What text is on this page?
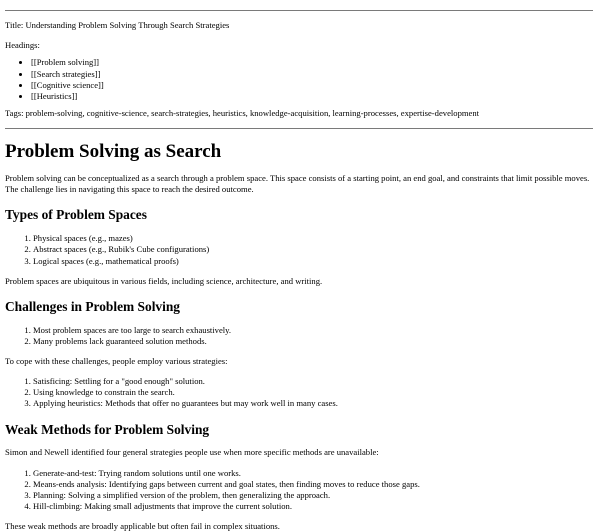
Title: Understanding Problem Solving Through Search Strategies

Headings:

• [[Problem solving]]
• [[Search strategies]]
• [[Cognitive science]]
• [[Heuristics]]

Tags: problem-solving, cognitive-science, search-strategies, heuristics, knowledge-acquisition, learning-processes, expertise-development

Problem Solving as Search

Problem solving can be conceptualized as a search through a problem space. This space consists of a starting point, an end goal, and constraints that limit possible moves. The challenge lies in navigating this space to reach the desired outcome.

Types of Problem Spaces
1. Physical spaces (e.g., mazes)
2. Abstract spaces (e.g., Rubik's Cube configurations)
3. Logical spaces (e.g., mathematical proofs)

Problem spaces are ubiquitous in various fields, including science, architecture, and writing.

Challenges in Problem Solving
1. Most problem spaces are too large to search exhaustively.
2. Many problems lack guaranteed solution methods.

To cope with these challenges, people employ various strategies:

1. Satisficing: Settling for a "good enough" solution.
2. Using knowledge to constrain the search.
3. Applying heuristics: Methods that offer no guarantees but may work well in many cases.
Weak Methods for Problem Solving

Simon and Newell identified four general strategies people use when more specific methods are unavailable:

1. Generate-and-test: Trying random solutions until one works.
2. Means-ends analysis: Identifying gaps between current and goal states, then finding moves to reduce those gaps.
3. Planning: Solving a simplified version of the problem, then generalizing the approach.
4. Hill-climbing: Making small adjustments that improve the current solution.

These weak methods are broadly applicable but often fail in complex situations.
